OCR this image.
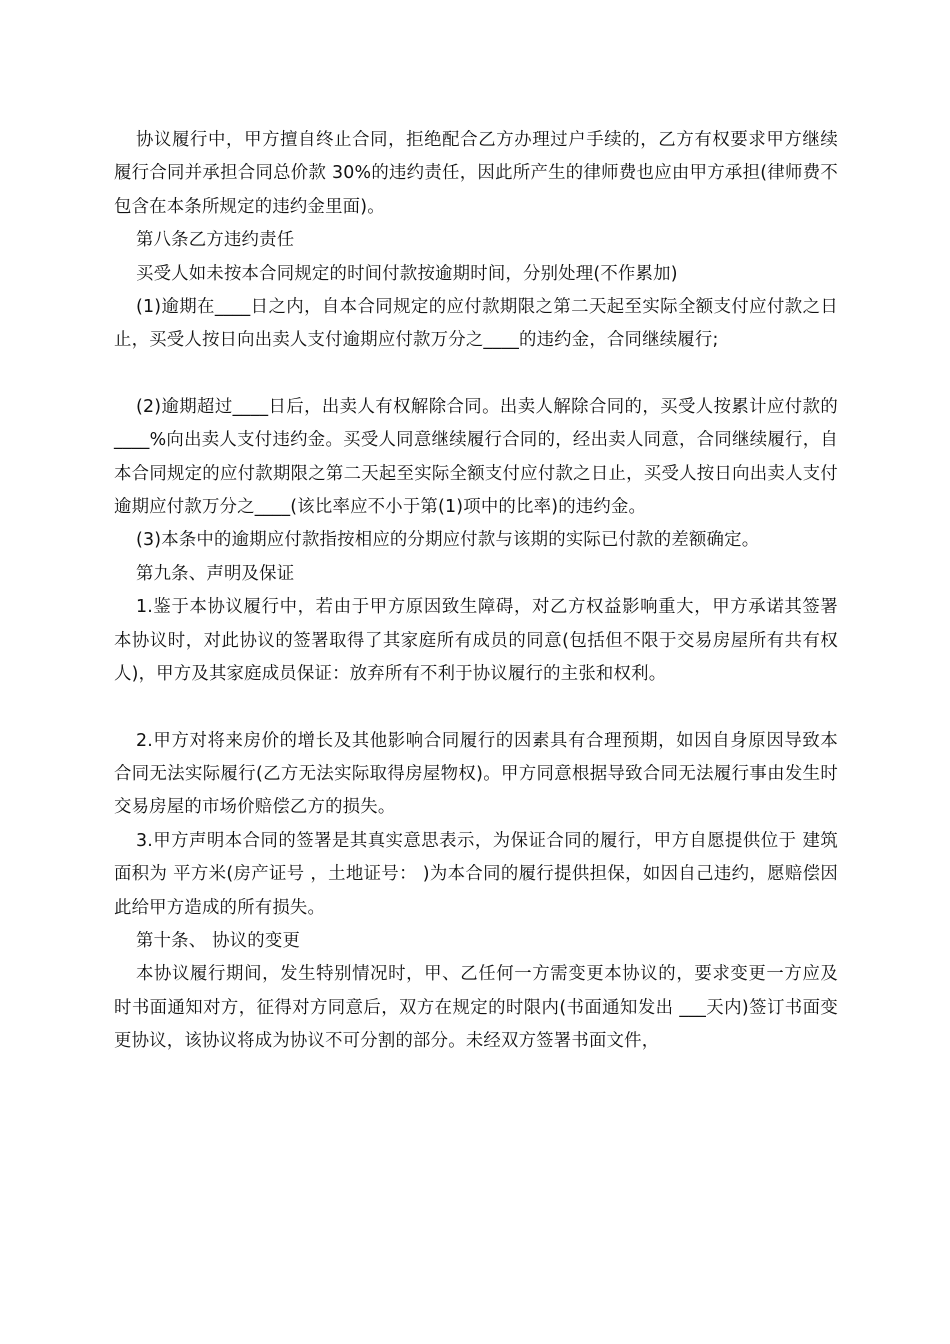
协议履行中，甲方擅自终止合同，拒绝配合乙方办理过户手续的，乙方有权要求甲方继续履行合同并承担合同总价款 30%的违约责任，因此所产生的律师费也应由甲方承担(律师费不包含在本条所规定的违约金里面)。

第八条乙方违约责任

买受人如未按本合同规定的时间付款按逾期时间，分别处理(不作累加)

(1)逾期在____日之内，自本合同规定的应付款期限之第二天起至实际全额支付应付款之日止，买受人按日向出卖人支付逾期应付款万分之____的违约金，合同继续履行;

(2)逾期超过____日后，出卖人有权解除合同。出卖人解除合同的，买受人按累计应付款的____%向出卖人支付违约金。买受人同意继续履行合同的，经出卖人同意，合同继续履行，自本合同规定的应付款期限之第二天起至实际全额支付应付款之日止，买受人按日向出卖人支付逾期应付款万分之____(该比率应不小于第(1)项中的比率)的违约金。

(3)本条中的逾期应付款指按相应的分期应付款与该期的实际已付款的差额确定。

第九条、声明及保证

1.鉴于本协议履行中，若由于甲方原因致生障碍，对乙方权益影响重大，甲方承诺其签署本协议时，对此协议的签署取得了其家庭所有成员的同意(包括但不限于交易房屋所有共有权人)，甲方及其家庭成员保证：放弃所有不利于协议履行的主张和权利。

2.甲方对将来房价的增长及其他影响合同履行的因素具有合理预期，如因自身原因导致本合同无法实际履行(乙方无法实际取得房屋物权)。甲方同意根据导致合同无法履行事由发生时交易房屋的市场价赔偿乙方的损失。

3.甲方声明本合同的签署是其真实意思表示，为保证合同的履行，甲方自愿提供位于 建筑面积为 平方米(房产证号 ，土地证号： )为本合同的履行提供担保，如因自己违约，愿赔偿因此给甲方造成的所有损失。

第十条、 协议的变更

本协议履行期间，发生特别情况时，甲、乙任何一方需变更本协议的，要求变更一方应及时书面通知对方，征得对方同意后，双方在规定的时限内(书面通知发出 ___天内)签订书面变更协议，该协议将成为协议不可分割的部分。未经双方签署书面文件，
